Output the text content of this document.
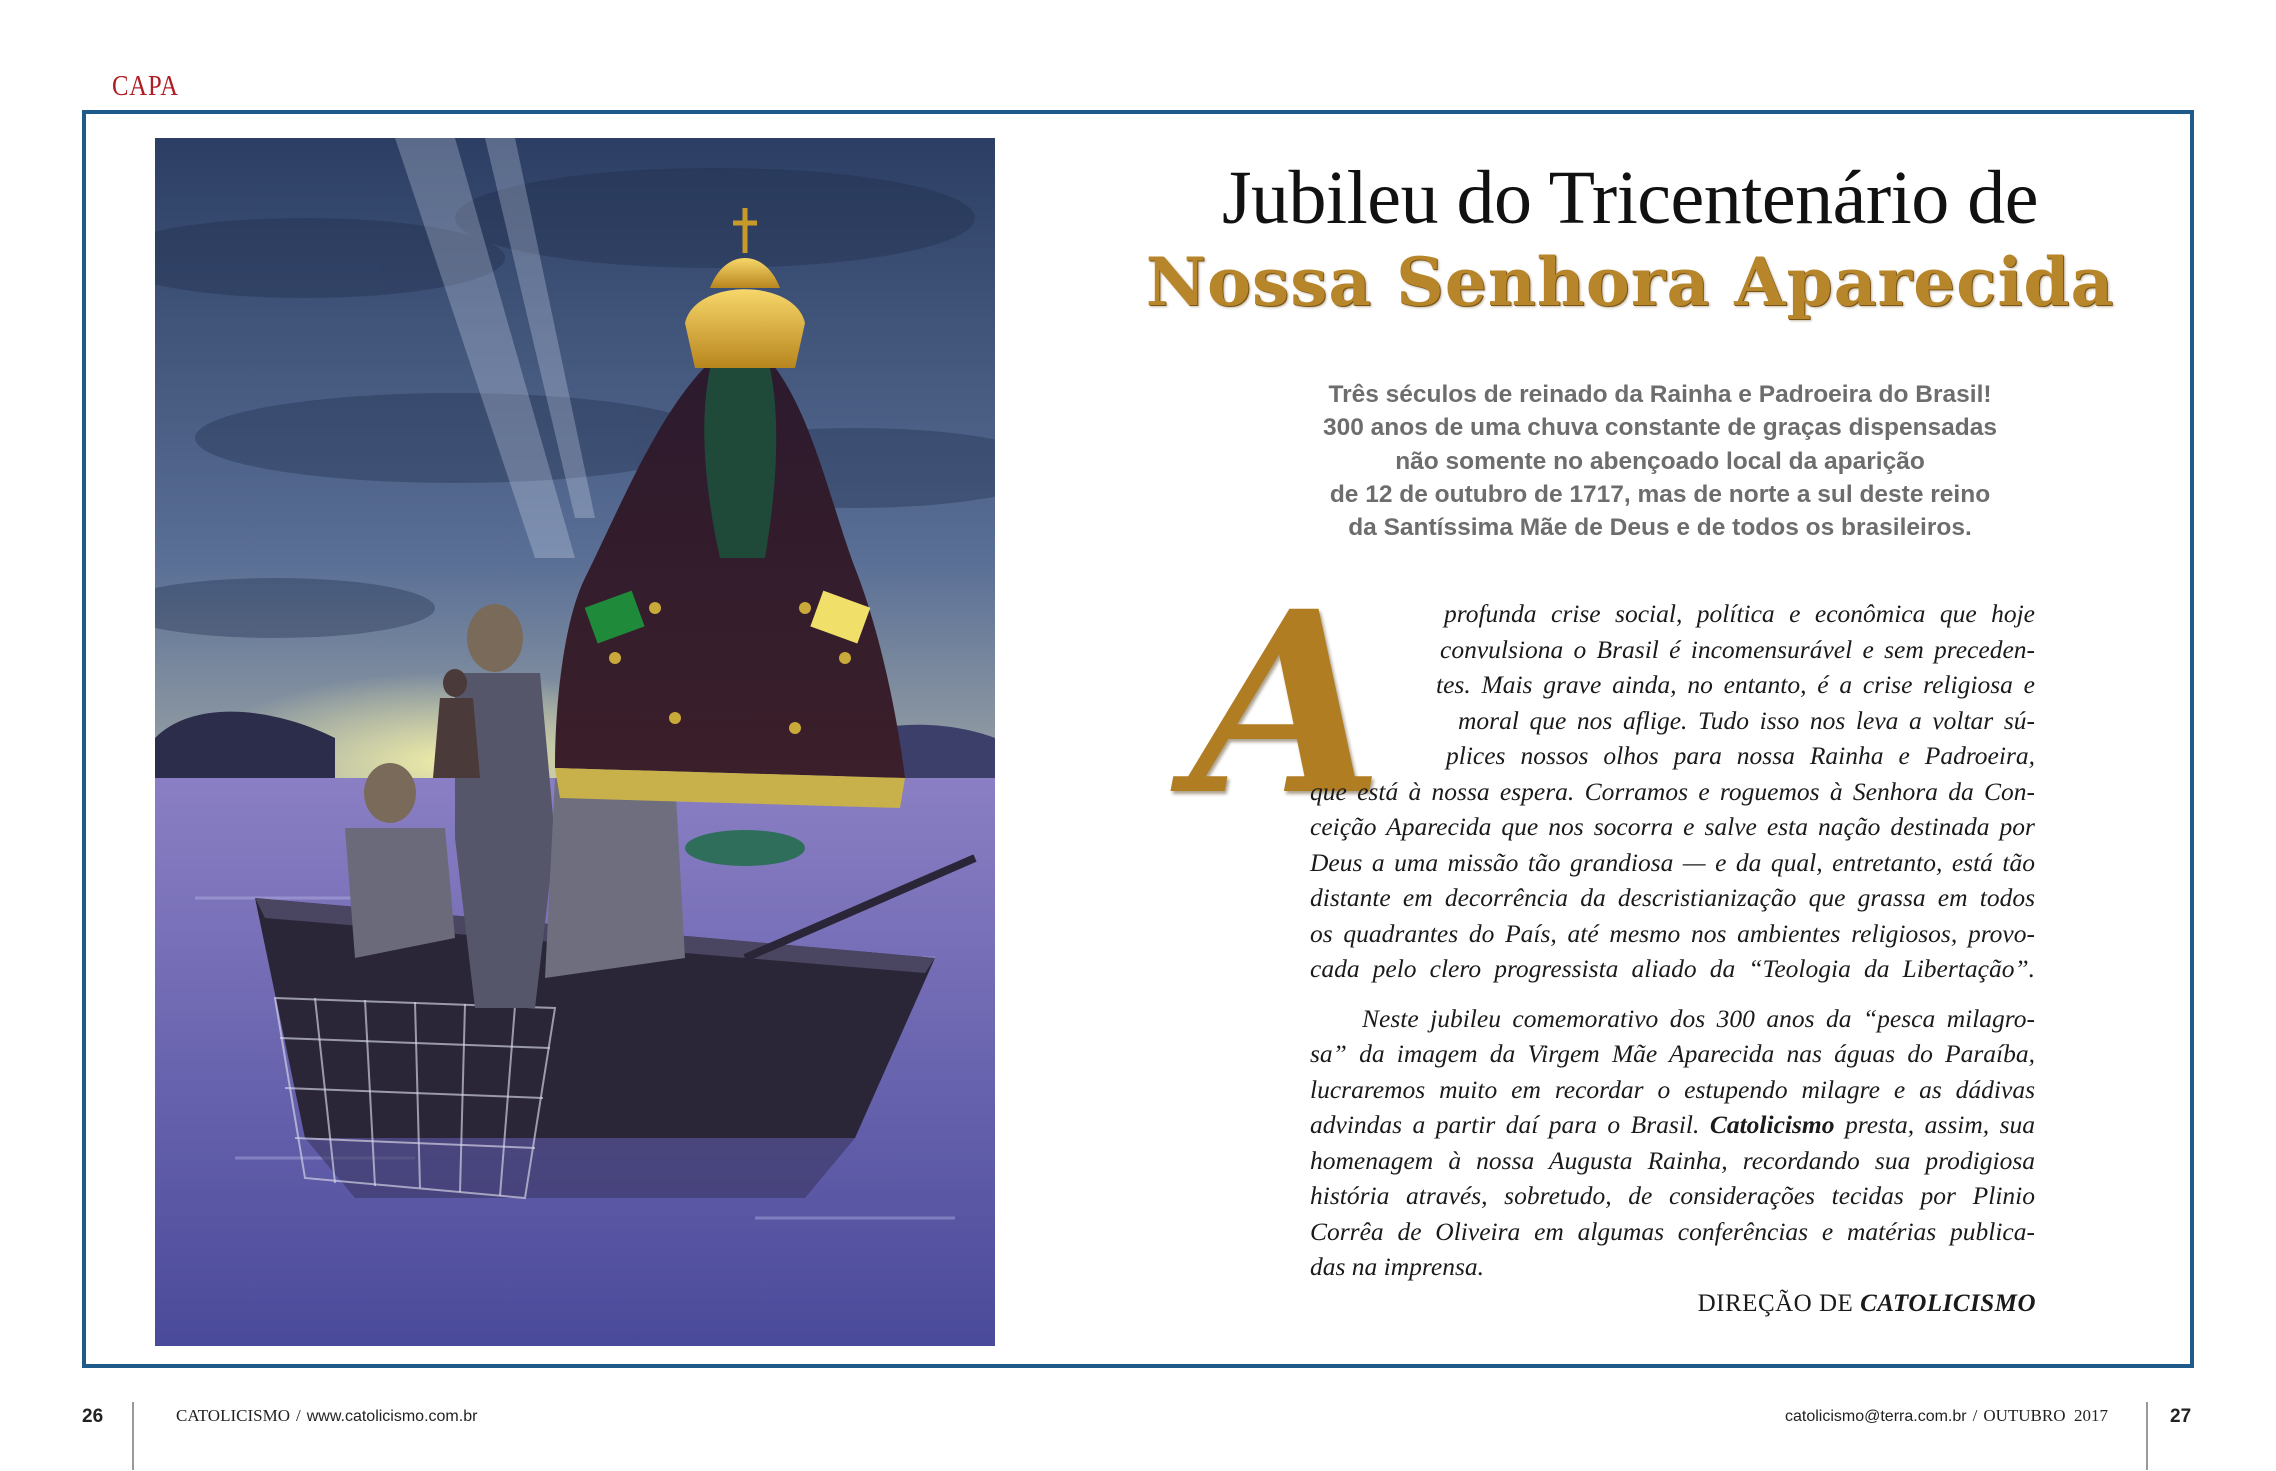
CAPA
Jubileu do Tricentenário de
Nossa Senhora Aparecida
Três séculos de reinado da Rainha e Padroeira do Brasil!
300 anos de uma chuva constante de graças dispensadas
não somente no abençoado local da aparição
de 12 de outubro de 1717, mas de norte a sul deste reino
da Santíssima Mãe de Deus e de todos os brasileiros.
A profunda crise social, política e econômica que hoje
convulsiona o Brasil é incomensurável e sem preceden-
tes. Mais grave ainda, no entanto, é a crise religiosa e
moral que nos aflige. Tudo isso nos leva a voltar sú-
plices nossos olhos para nossa Rainha e Padroeira,
que está à nossa espera. Corramos e roguemos à Senhora da Con-
ceição Aparecida que nos socorra e salve esta nação destinada por
Deus a uma missão tão grandiosa — e da qual, entretanto, está tão
distante em decorrência da descristianização que grassa em todos
os quadrantes do País, até mesmo nos ambientes religiosos, provo-
cada pelo clero progressista aliado da “Teologia da Libertação”.
Neste jubileu comemorativo dos 300 anos da “pesca milagro-
sa” da imagem da Virgem Mãe Aparecida nas águas do Paraíba,
lucraremos muito em recordar o estupendo milagre e as dádivas
advindas a partir daí para o Brasil. Catolicismo presta, assim, sua
homenagem à nossa Augusta Rainha, recordando sua prodigiosa
história através, sobretudo, de considerações tecidas por Plinio
Corrêa de Oliveira em algumas conferências e matérias publica-
das na imprensa.
DIREÇÃO DE CATOLICISMO
26	CATOLICISMO / www.catolicismo.com.br	catolicismo@terra.com.br / OUTUBRO  2017	27
